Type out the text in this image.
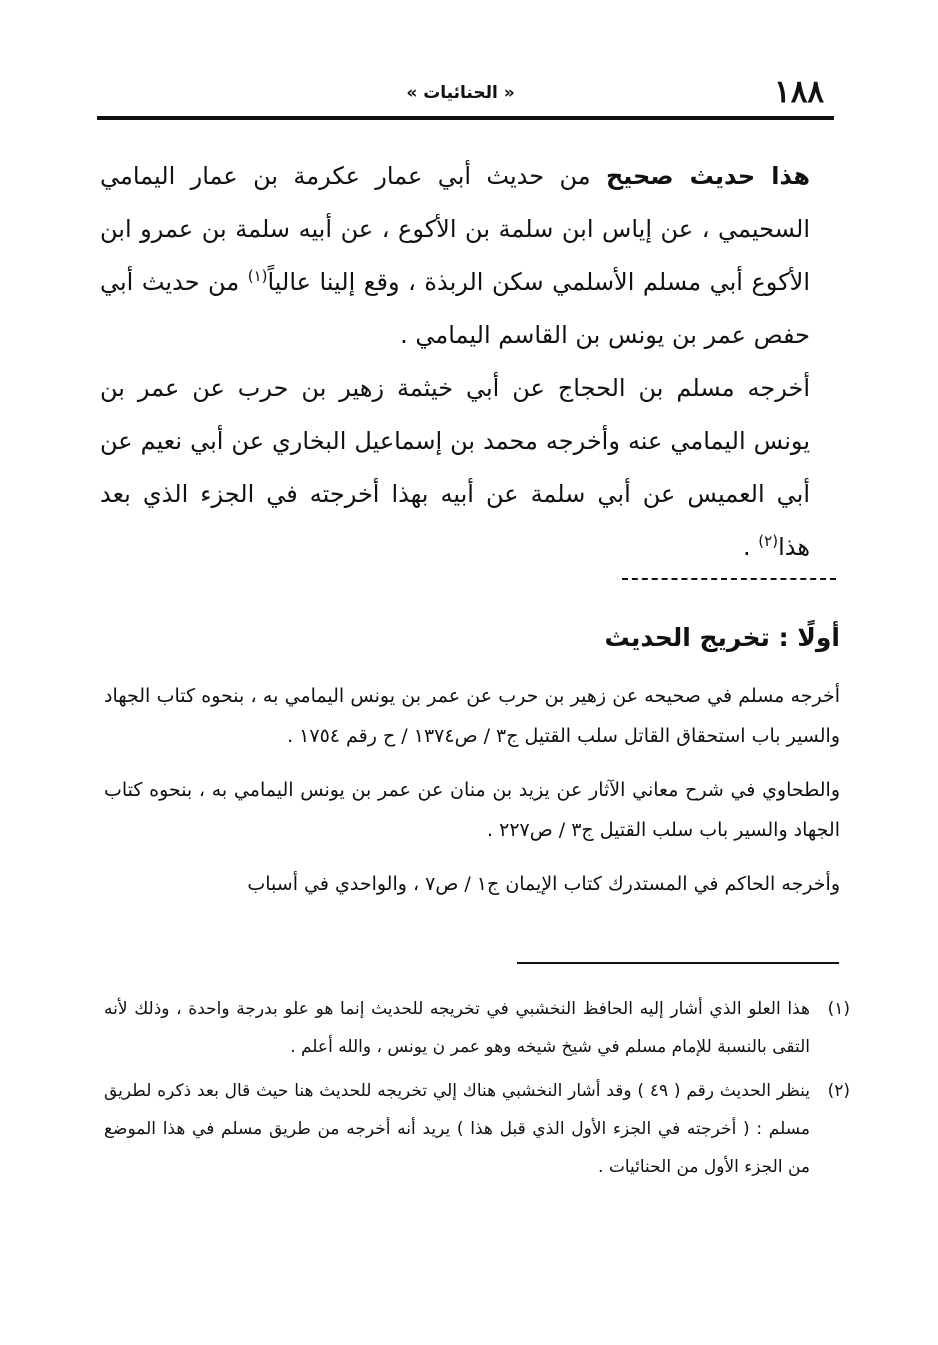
١٨٨
« الحنائيات »

هذا حديث صحيح من حديث أبي عمار عكرمة بن عمار اليمامي السحيمي ، عن إياس ابن سلمة بن الأكوع ، عن أبيه سلمة بن عمرو ابن الأكوع أبي مسلم الأسلمي سكن الربذة ، وقع إلينا عالياً$^{(١)}$ من حديث أبي حفص عمر بن يونس بن القاسم اليمامي .

أخرجه مسلم بن الحجاج عن أبي خيثمة زهير بن حرب عن عمر بن يونس اليمامي عنه وأخرجه محمد بن إسماعيل البخاري عن أبي نعيم عن أبي العميس عن أبي سلمة عن أبيه بهذا أخرجته في الجزء الذي بعد هذا$^{(٢)}$ .

أولًا : تخريج الحديث

أخرجه مسلم في صحيحه عن زهير بن حرب عن عمر بن يونس اليمامي به ، بنحوه كتاب الجهاد والسير باب استحقاق القاتل سلب القتيل ج٣ / ص١٣٧٤ / ح رقم ١٧٥٤ .

والطحاوي في شرح معاني الآثار عن يزيد بن منان عن عمر بن يونس اليمامي به ، بنحوه كتاب الجهاد والسير باب سلب القتيل ج٣ / ص٢٢٧ .

وأخرجه الحاكم في المستدرك كتاب الإيمان ج١ / ص٧ ، والواحدي في أسباب

(١)
هذا العلو الذي أشار إليه الحافظ النخشبي في تخريجه للحديث إنما هو علو بدرجة واحدة ، وذلك لأنه التقى بالنسبة للإمام مسلم في شيخ شيخه وهو عمر ن يونس ، والله أعلم .
(٢)
ينظر الحديث رقم ( ٤٩ ) وقد أشار النخشبي هناك إلي تخريجه للحديث هنا حيث قال بعد ذكره لطريق مسلم : ( أخرجته في الجزء الأول الذي قبل هذا ) يريد أنه أخرجه من طريق مسلم في هذا الموضع من الجزء الأول من الحنائيات .
